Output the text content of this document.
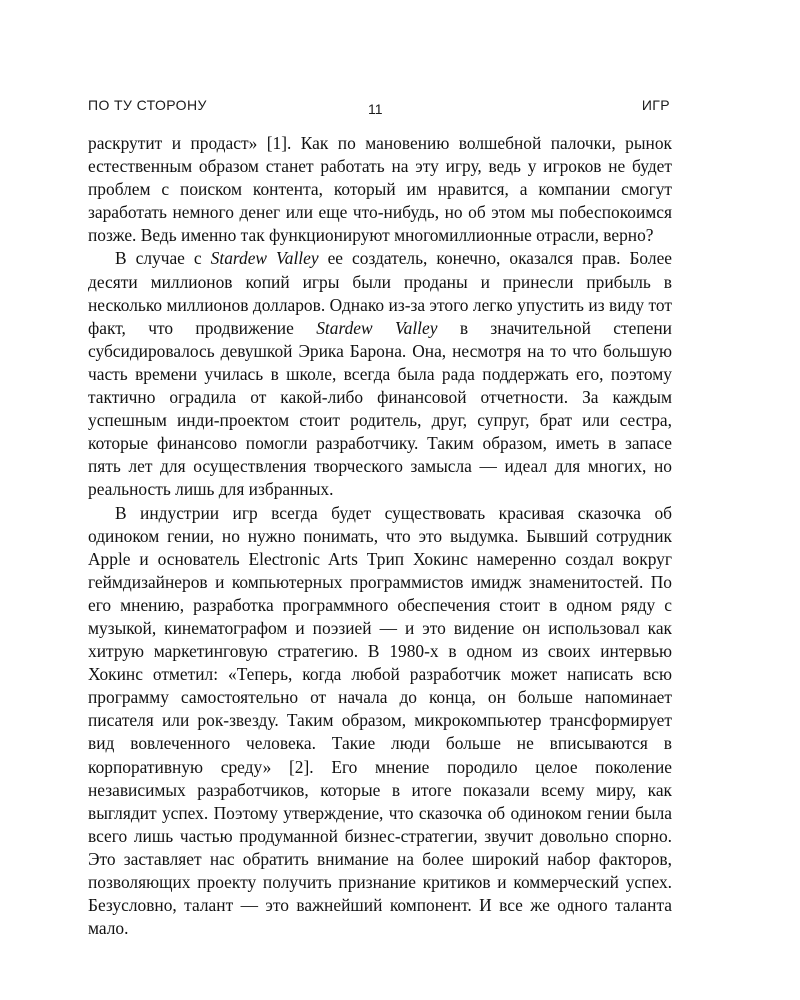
ПО ТУ СТОРОНУ	11	ИГР

раскрутит и продаст» [1]. Как по мановению волшебной палочки, рынок естественным образом станет работать на эту игру, ведь у игроков не будет проблем с поиском контента, который им нравится, а компании смогут заработать немного денег или еще что-нибудь, но об этом мы побеспокоимся позже. Ведь именно так функционируют многомиллионные отрасли, верно?

В случае с Stardew Valley ее создатель, конечно, оказался прав. Более десяти миллионов копий игры были проданы и принесли прибыль в несколько миллионов долларов. Однако из-за этого легко упустить из виду тот факт, что продвижение Stardew Valley в значительной степени субсидировалось девушкой Эрика Барона. Она, несмотря на то что большую часть времени училась в школе, всегда была рада поддержать его, поэтому тактично оградила от какой-либо финансовой отчетности. За каждым успешным инди-проектом стоит родитель, друг, супруг, брат или сестра, которые финансово помогли разработчику. Таким образом, иметь в запасе пять лет для осуществления творческого замысла — идеал для многих, но реальность лишь для избранных.

В индустрии игр всегда будет существовать красивая сказочка об одиноком гении, но нужно понимать, что это выдумка. Бывший сотрудник Apple и основатель Electronic Arts Трип Хокинс намеренно создал вокруг геймдизайнеров и компьютерных программистов имидж знаменитостей. По его мнению, разработка программного обеспечения стоит в одном ряду с музыкой, кинематографом и поэзией — и это видение он использовал как хитрую маркетинговую стратегию. В 1980-х в одном из своих интервью Хокинс отметил: «Теперь, когда любой разработчик может написать всю программу самостоятельно от начала до конца, он больше напоминает писателя или рок-звезду. Таким образом, микрокомпьютер трансформирует вид вовлеченного человека. Такие люди больше не вписываются в корпоративную среду» [2]. Его мнение породило целое поколение независимых разработчиков, которые в итоге показали всему миру, как выглядит успех. Поэтому утверждение, что сказочка об одиноком гении была всего лишь частью продуманной бизнес-стратегии, звучит довольно спорно. Это заставляет нас обратить внимание на более широкий набор факторов, позволяющих проекту получить признание критиков и коммерческий успех. Безусловно, талант — это важнейший компонент. И все же одного таланта мало.
